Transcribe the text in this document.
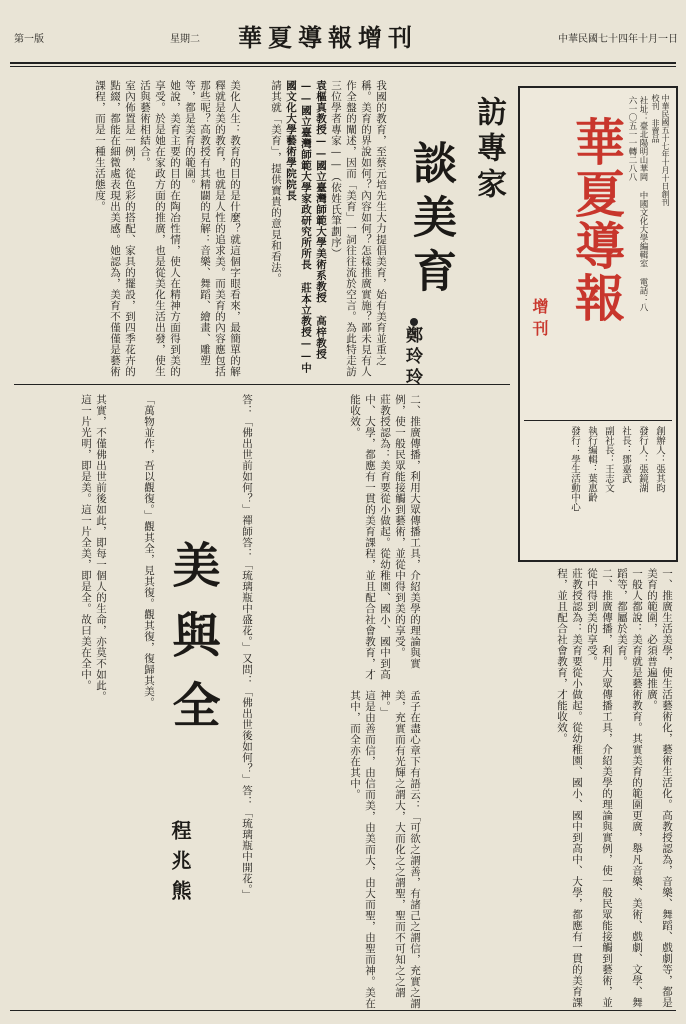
中華民國七十四年十月一日
華夏導報增刊
星期二
第一版
中華民國五十七年十月十日創刊 校刊 非賣品
社址：臺北陽明山華岡 中國文化大學編輯室 電話：八六一〇五一一轉二八八
華夏導報
增刊
創辦人：張其昀
發行人：張鏡湖
社長：鄧嘉武
副社長：王志文
執行編輯：葉惠齡
發行：學生活動中心
訪專家
談美育
鄭玲玲

我國的教育，至蔡元培先生大力提倡美育，始有美育並重之稱。美育的界說如何？內容如何？怎樣推廣實施？鄙未見有人作全盤的闡述，因而「美育」一詞往往流於空言。為此特走訪三位學者專家——（依姓氏筆劃序）

袁樞真教授——國立臺灣師範大學美術系教授 高梓教授——國立臺灣師範大學家政研究所所長 莊本立教授——中國文化大學藝術學院院長

請其就「美育」，提供寶貴的意見和看法。

美化人生：教育的目的是什麼？就這個字眼看來，最簡單的解釋就是美的教育，也就是人性的追求美。而美育的內容應包括那些呢？高教授有其精闢的見解：音樂、舞蹈、繪畫、雕塑等，都是美育的範圍。

她說，美育主要的目的在陶冶性情，使人在精神方面得到美的享受。於是她在家政方面的推廣，也是從美化生活出發，使生活與藝術相結合。

室內佈置是一例，從色彩的搭配、家具的擺設，到四季花卉的點綴，都能在細微處表現出美感。她認為，美育不僅僅是藝術課程，而是一種生活態度。

一、推廣生活美學，使生活藝術化，藝術生活化。高教授認為，音樂、舞蹈、戲劇等，都是美育的範圍，必須普遍推廣。

一般人都說：美育就是藝術教育。其實美育的範圍更廣，舉凡音樂、美術、戲劇、文學、舞蹈等，都屬於美育。

二、推廣傳播，利用大眾傳播工具，介紹美學的理論與實例，使一般民眾能接觸到藝術，並從中得到美的享受。

莊教授認為：美育要從小做起。從幼稚園、國小、國中到高中、大學，都應有一貫的美育課程，並且配合社會教育，才能收效。

二、推廣傳播，利用大眾傳播工具，介紹美學的理論與實例，使一般民眾能接觸到藝術，並從中得到美的享受。

莊教授認為：美育要從小做起。從幼稚園、國小、國中到高中、大學，都應有一貫的美育課程，並且配合社會教育，才能收效。

美與全
程兆熊	答：「佛出世前如何？」禪師答：「琉璃瓶中盛花。」又問：「佛出世後如何？」答：「琉璃瓶中開花。」

「萬物並作，吾以觀復。」觀其全，見其復。觀其復，復歸其美。

其實，不僅佛出世前後如此，即每一個人的生命，亦莫不如此。

這一片光明，即是美。這一片全美，即是全。故曰美在全中。

孟子在盡心章下有語云：「可欲之謂善，有諸己之謂信，充實之謂美，充實而有光輝之謂大，大而化之之謂聖，聖而不可知之之謂神。」

這是由善而信，由信而美，由美而大，由大而聖，由聖而神。美在其中，而全亦在其中。
